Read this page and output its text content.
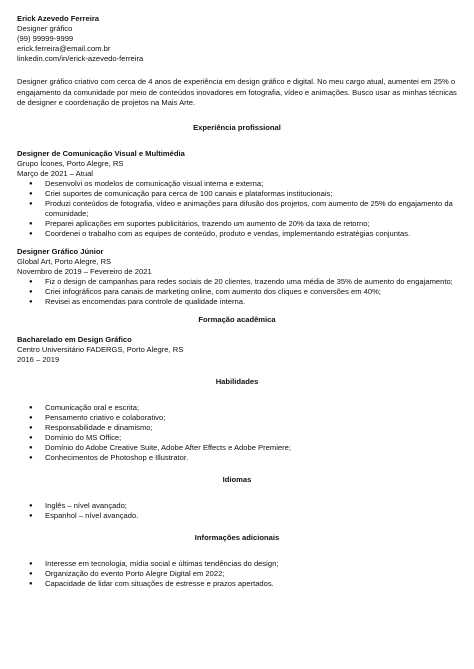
Erick Azevedo Ferreira
Designer gráfico
(99) 99999-9999
erick.ferreira@email.com.br
linkedin.com/in/erick-azevedo-ferreira
Designer gráfico criativo com cerca de 4 anos de experiência em design gráfico e digital. No meu cargo atual, aumentei em 25% o engajamento da comunidade por meio de conteúdos inovadores em fotografia, vídeo e animações. Busco usar as minhas técnicas de designer e coordenação de projetos na Mais Arte.
Experiência profissional
Designer de Comunicação Visual e Multimédia
Grupo Ícones, Porto Alegre, RS
Março de 2021 – Atual
● Desenvolvi os modelos de comunicação visual interna e externa;
● Criei suportes de comunicação para cerca de 100 canais e plataformas institucionais;
● Produzi conteúdos de fotografia, vídeo e animações para difusão dos projetos, com aumento de 25% do engajamento da comunidade;
● Preparei aplicações em suportes publicitários, trazendo um aumento de 20% da taxa de retorno;
● Coordenei o trabalho com as equipes de conteúdo, produto e vendas, implementando estratégias conjuntas.
Designer Gráfico Júnior
Global Art, Porto Alegre, RS
Novembro de 2019 – Fevereiro de 2021
● Fiz o design de campanhas para redes sociais de 20 clientes, trazendo uma média de 35% de aumento do engajamento;
● Criei infográficos para canais de marketing online, com aumento dos cliques e conversões em 40%;
● Revisei as encomendas para controle de qualidade interna.
Formação acadêmica
Bacharelado em Design Gráfico
Centro Universitário FADERGS, Porto Alegre, RS
2016 – 2019
Habilidades
● Comunicação oral e escrita;
● Pensamento criativo e colaborativo;
● Responsabilidade e dinamismo;
● Domínio do MS Office;
● Domínio do Adobe Creative Suite, Adobe After Effects e Adobe Premiere;
● Conhecimentos de Photoshop e Illustrator.
Idiomas
● Inglês – nível avançado;
● Espanhol – nível avançado.
Informações adicionais
● Interesse em tecnologia, mídia social e últimas tendências do design;
● Organização do evento Porto Alegre Digital em 2022;
● Capacidade de lidar com situações de estresse e prazos apertados.
